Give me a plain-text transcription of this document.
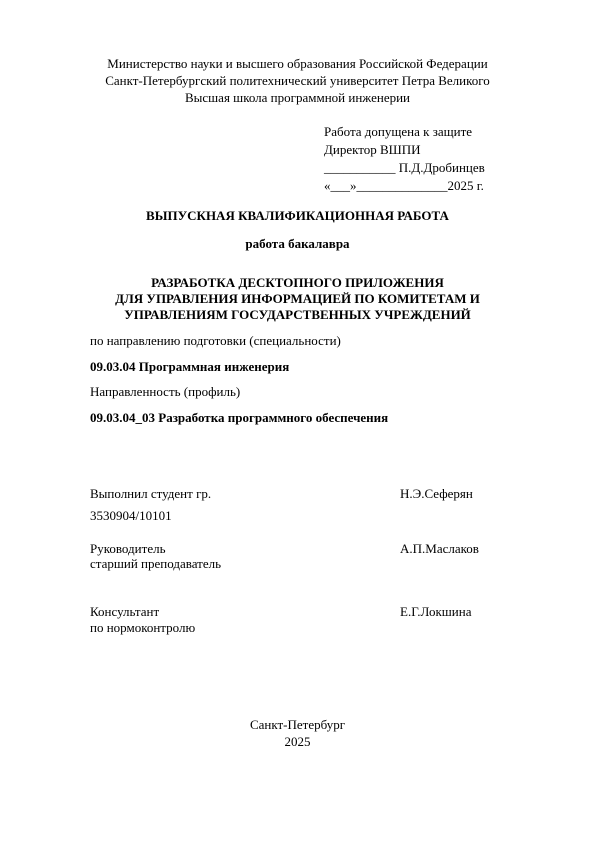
Министерство науки и высшего образования Российской Федерации
Санкт-Петербургский политехнический университет Петра Великого
Высшая школа программной инженерии
Работа допущена к защите
Директор ВШПИ
___________ П.Д.Дробинцев
«___»______________2025 г.
ВЫПУСКНАЯ КВАЛИФИКАЦИОННАЯ РАБОТА
работа бакалавра
РАЗРАБОТКА ДЕСКТОПНОГО ПРИЛОЖЕНИЯ
ДЛЯ УПРАВЛЕНИЯ ИНФОРМАЦИЕЙ ПО КОМИТЕТАМ И
УПРАВЛЕНИЯМ ГОСУДАРСТВЕННЫХ УЧРЕЖДЕНИЙ
по направлению подготовки (специальности)
09.03.04 Программная инженерия
Направленность (профиль)
09.03.04_03 Разработка программного обеспечения
Выполнил студент гр.	Н.Э.Сеферян
3530904/10101
Руководитель	А.П.Маслаков
старший преподаватель
Консультант	Е.Г.Локшина
по нормоконтролю
Санкт-Петербург
2025
